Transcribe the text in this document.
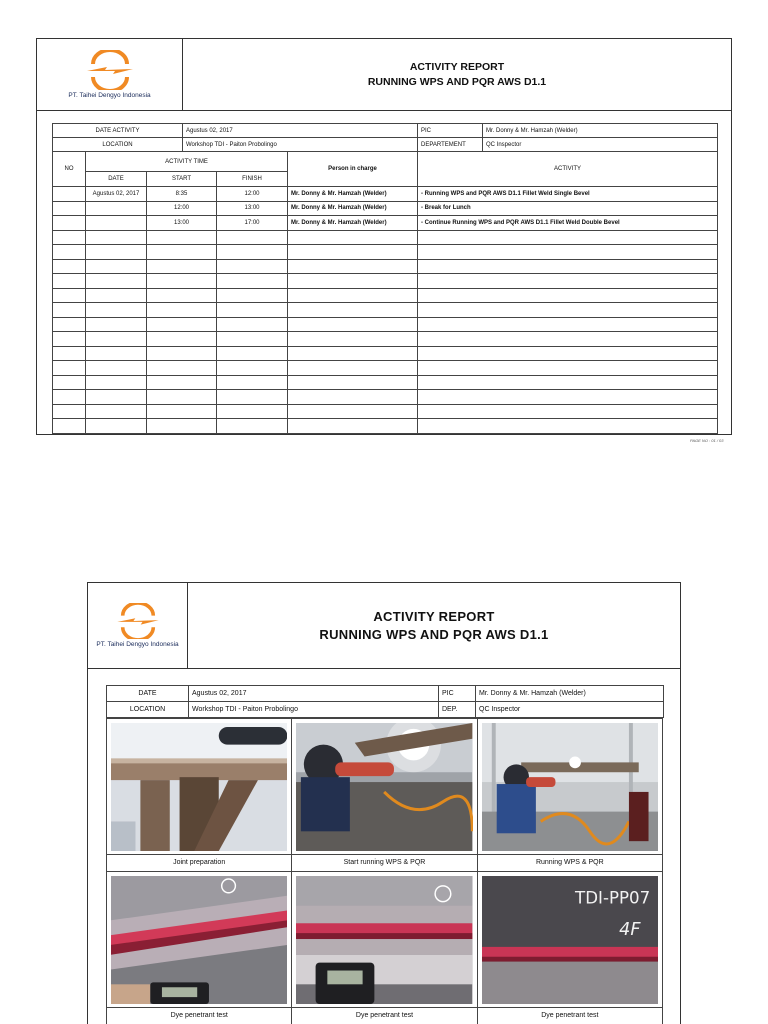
PT. Taihei Dengyo Indonesia
ACTIVITY REPORT
RUNNING WPS AND PQR AWS D1.1
DATE ACTIVITY	Agustus 02, 2017	PIC	Mr. Donny & Mr. Hamzah (Welder)
LOCATION	Workshop TDI - Paiton Probolingo	DEPARTEMENT	QC Inspector
NO	ACTIVITY TIME			Person in charge	ACTIVITY
	DATE	START	FINISH		
	Agustus 02, 2017	8:35	12:00	Mr. Donny & Mr. Hamzah (Welder)	- Running WPS and PQR AWS D1.1 Fillet Weld Single Bevel
		12:00	13:00	Mr. Donny & Mr. Hamzah (Welder)	- Break for Lunch
		13:00	17:00	Mr. Donny & Mr. Hamzah (Welder)	- Continue Running WPS and PQR AWS D1.1 Fillet Weld Double Bevel

PAGE NO : 01 / 03
PT. Taihei Dengyo Indonesia
ACTIVITY REPORT
RUNNING WPS AND PQR AWS D1.1
DATE	Agustus 02, 2017	PIC	Mr. Donny & Mr. Hamzah (Welder)
LOCATION	Workshop TDI - Paiton Probolingo	DEP.	QC Inspector
Joint preparation	Start running WPS & PQR	Running WPS & PQR
TDI-PP07
4F
Dye penetrant test	Dye penetrant test	Dye penetrant test
